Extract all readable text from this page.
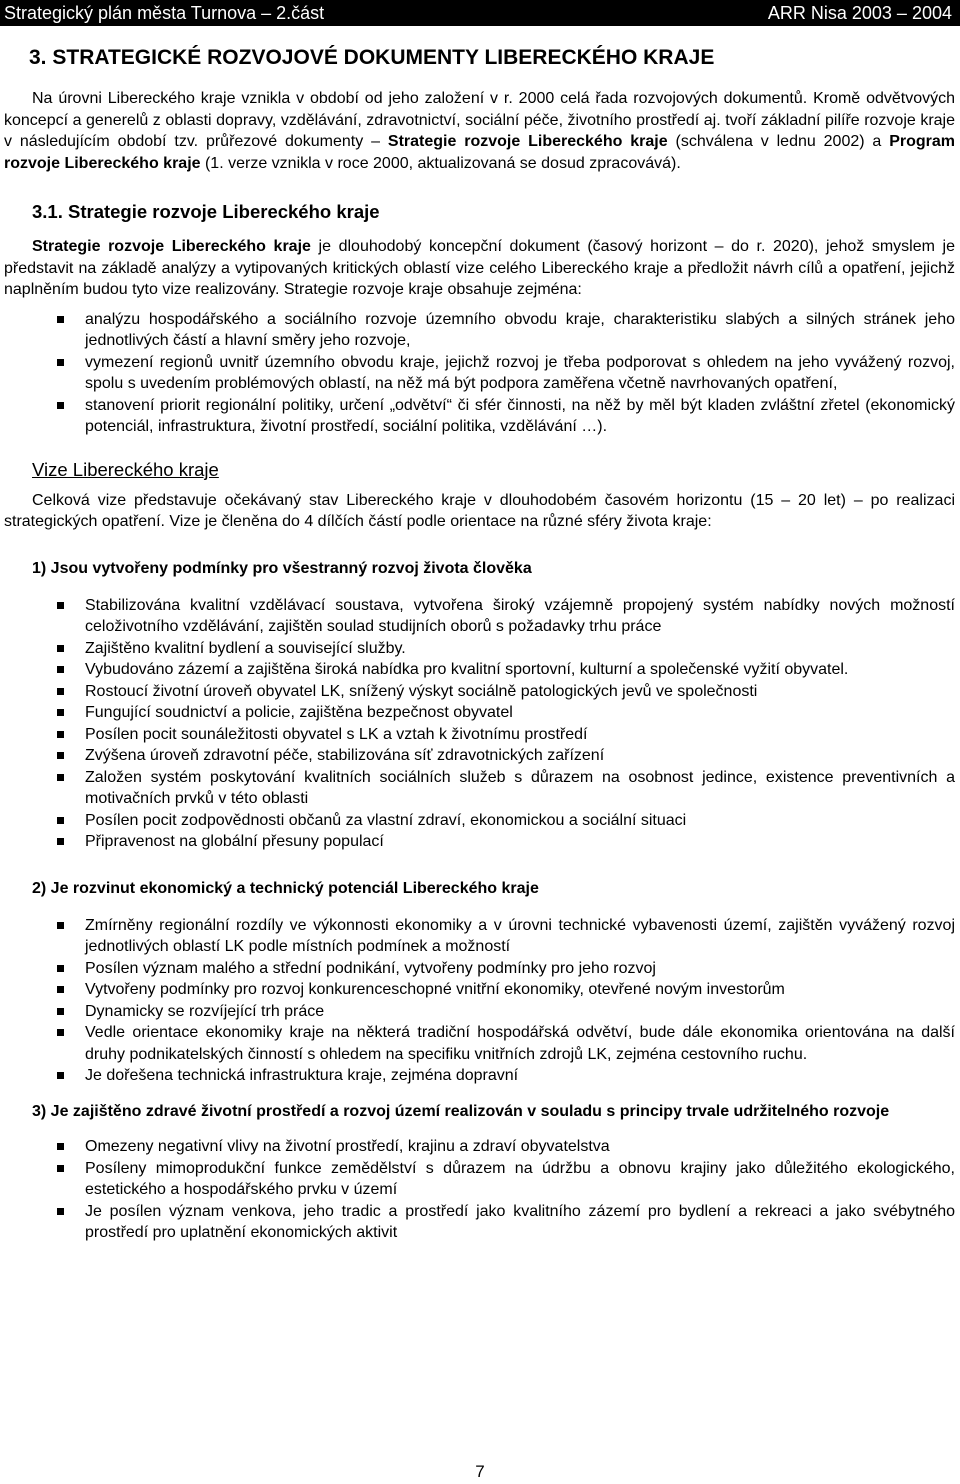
Strategický plán města Turnova – 2.část	ARR Nisa 2003 – 2004
3. STRATEGICKÉ ROZVOJOVÉ DOKUMENTY LIBERECKÉHO KRAJE

Na úrovni Libereckého kraje vznikla v období od jeho založení v r. 2000 celá řada rozvojových dokumentů. Kromě odvětvových koncepcí a generelů z oblasti dopravy, vzdělávání, zdravotnictví, sociální péče, životního prostředí aj. tvoří základní pilíře rozvoje kraje v následujícím období tzv. průřezové dokumenty – Strategie rozvoje Libereckého kraje (schválena v lednu 2002) a Program rozvoje Libereckého kraje (1. verze vznikla v roce 2000, aktualizovaná se dosud zpracovává).

3.1. Strategie rozvoje Libereckého kraje

Strategie rozvoje Libereckého kraje je dlouhodobý koncepční dokument (časový horizont – do r. 2020), jehož smyslem je představit na základě analýzy a vytipovaných kritických oblastí vize celého Libereckého kraje a předložit návrh cílů a opatření, jejichž naplněním budou tyto vize realizovány. Strategie rozvoje kraje obsahuje zejména:

analýzu hospodářského a sociálního rozvoje územního obvodu kraje, charakteristiku slabých a silných stránek jeho jednotlivých částí a hlavní směry jeho rozvoje,
vymezení regionů uvnitř územního obvodu kraje, jejichž rozvoj je třeba podporovat s ohledem na jeho vyvážený rozvoj, spolu s uvedením problémových oblastí, na něž má být podpora zaměřena včetně navrhovaných opatření,
stanovení priorit regionální politiky, určení „odvětví“ či sfér činnosti, na něž by měl být kladen zvláštní zřetel (ekonomický potenciál, infrastruktura, životní prostředí, sociální politika, vzdělávání …).
Vize Libereckého kraje

Celková vize představuje očekávaný stav Libereckého kraje v dlouhodobém časovém horizontu (15 – 20 let) – po realizaci strategických opatření. Vize je členěna do 4 dílčích částí podle orientace na různé sféry života kraje:

1) Jsou vytvořeny podmínky pro všestranný rozvoj života člověka
Stabilizována kvalitní vzdělávací soustava, vytvořena široký vzájemně propojený systém nabídky nových možností celoživotního vzdělávání, zajištěn soulad studijních oborů s požadavky trhu práce
Zajištěno kvalitní bydlení a související služby.
Vybudováno zázemí a zajištěna široká nabídka pro kvalitní sportovní, kulturní a společenské vyžití obyvatel.
Rostoucí životní úroveň obyvatel LK, snížený výskyt sociálně patologických jevů ve společnosti
Fungující soudnictví a policie, zajištěna bezpečnost obyvatel
Posílen pocit sounáležitosti obyvatel s LK a vztah k životnímu prostředí
Zvýšena úroveň zdravotní péče, stabilizována síť zdravotnických zařízení
Založen systém poskytování kvalitních sociálních služeb s důrazem na osobnost jedince, existence preventivních a motivačních prvků v této oblasti
Posílen pocit zodpovědnosti občanů za vlastní zdraví, ekonomickou a sociální situaci
Připravenost na globální přesuny populací
2) Je rozvinut ekonomický a technický potenciál Libereckého kraje
Zmírněny regionální rozdíly ve výkonnosti ekonomiky a v úrovni technické vybavenosti území, zajištěn vyvážený rozvoj jednotlivých oblastí LK podle místních podmínek a možností
Posílen význam malého a střední podnikání, vytvořeny podmínky pro jeho rozvoj
Vytvořeny podmínky pro rozvoj konkurenceschopné vnitřní ekonomiky, otevřené novým investorům
Dynamicky se rozvíjející trh práce
Vedle orientace ekonomiky kraje na některá tradiční hospodářská odvětví, bude dále ekonomika orientována na další druhy podnikatelských činností s ohledem na specifiku vnitřních zdrojů LK, zejména cestovního ruchu.
Je dořešena technická infrastruktura kraje, zejména dopravní
3) Je zajištěno zdravé životní prostředí a rozvoj území realizován v souladu s principy trvale udržitelného rozvoje
Omezeny negativní vlivy na životní prostředí, krajinu a zdraví obyvatelstva
Posíleny mimoprodukční funkce zemědělství s důrazem na údržbu a obnovu krajiny jako důležitého ekologického, estetického a hospodářského prvku v území
Je posílen význam venkova, jeho tradic a prostředí jako kvalitního zázemí pro bydlení a rekreaci a jako svébytného prostředí pro uplatnění ekonomických aktivit
7
